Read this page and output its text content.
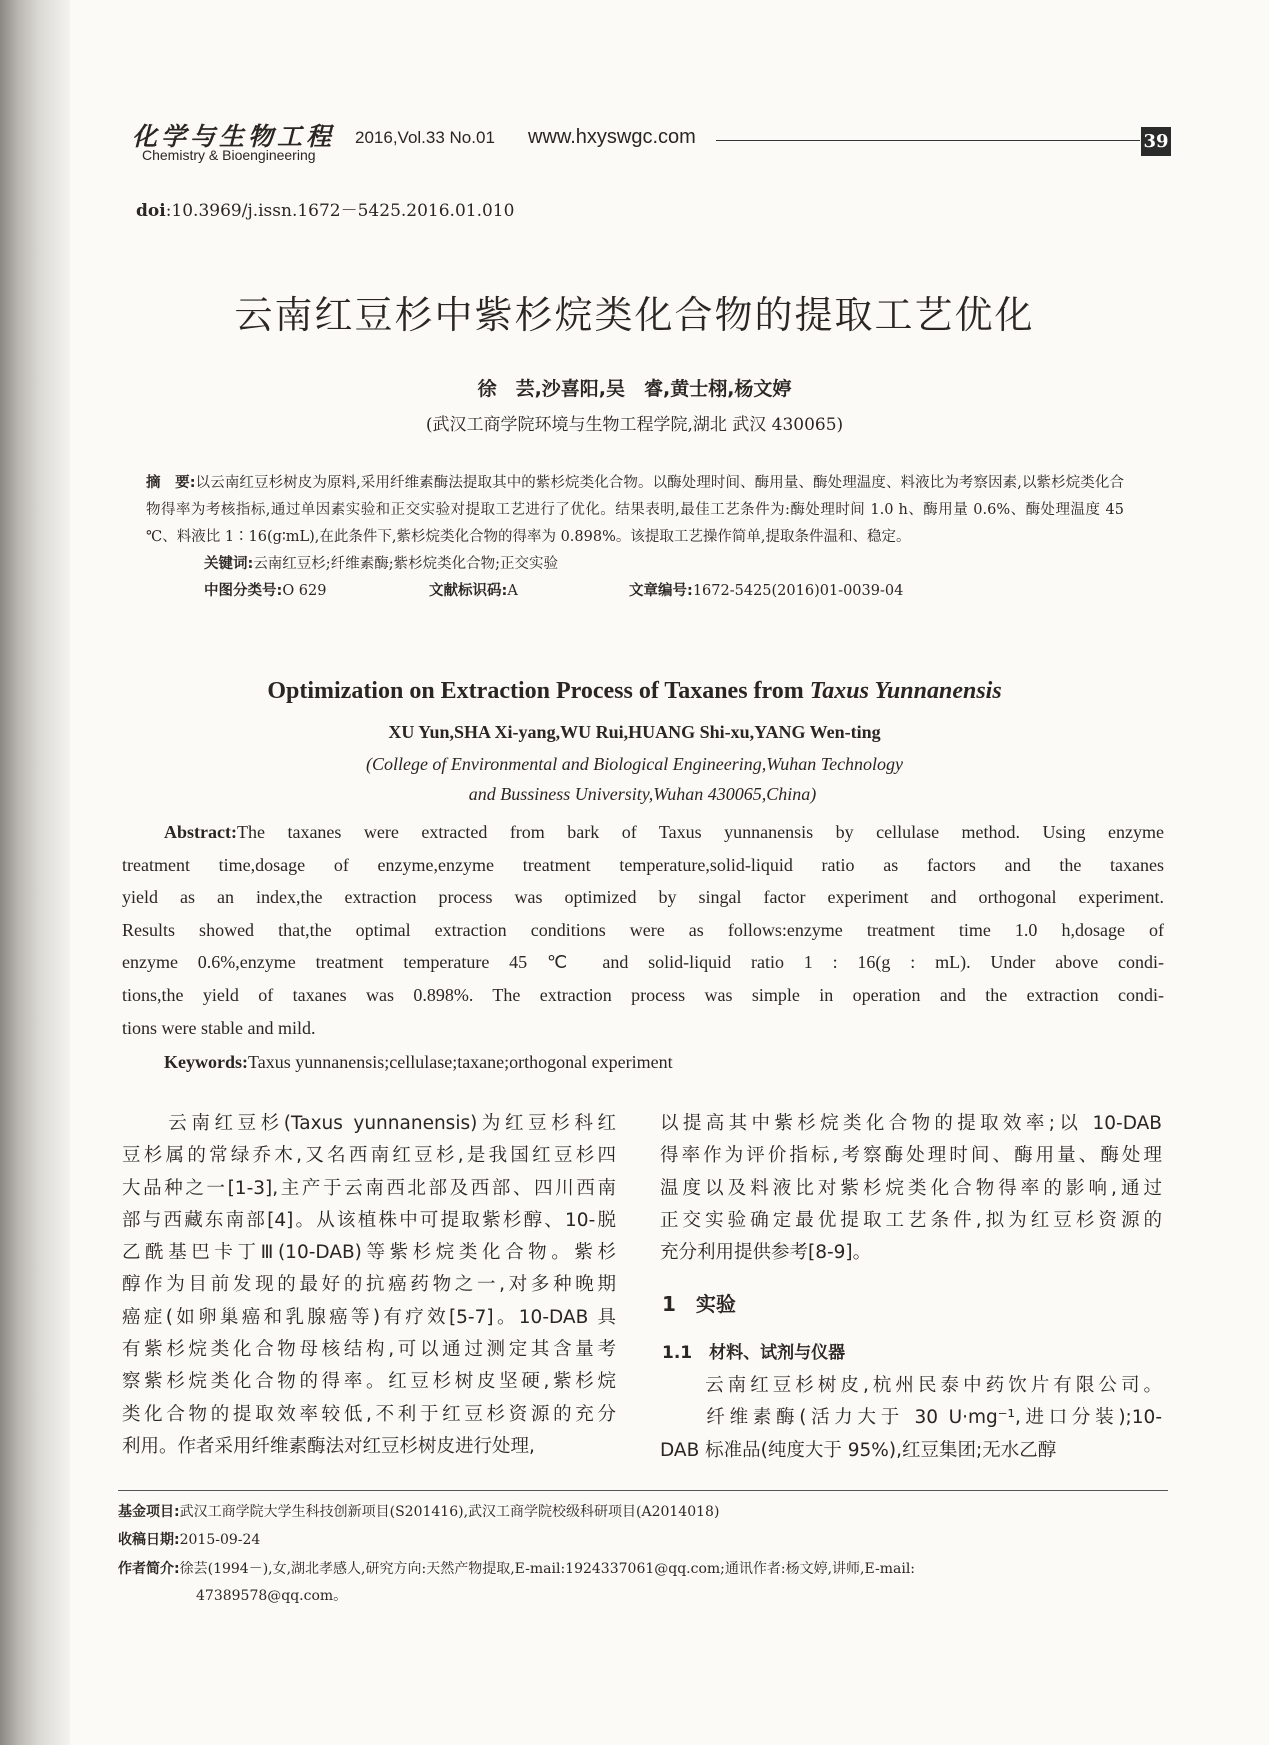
化学与生物工程
Chemistry & Bioengineering
2016,Vol.33 No.01 www.hxyswgc.com	39
doi:10.3969/j.issn.1672－5425.2016.01.010
云南红豆杉中紫杉烷类化合物的提取工艺优化
徐　芸,沙喜阳,吴　睿,黄士栩,杨文婷
(武汉工商学院环境与生物工程学院,湖北 武汉 430065)
摘　要:以云南红豆杉树皮为原料,采用纤维素酶法提取其中的紫杉烷类化合物。以酶处理时间、酶用量、酶处理温度、料液比为考察因素,以紫杉烷类化合物得率为考核指标,通过单因素实验和正交实验对提取工艺进行了优化。结果表明,最佳工艺条件为:酶处理时间 1.0 h、酶用量 0.6%、酶处理温度 45 ℃、料液比 1∶16(g∶mL),在此条件下,紫杉烷类化合物的得率为 0.898%。该提取工艺操作简单,提取条件温和、稳定。
关键词:云南红豆杉;纤维素酶;紫杉烷类化合物;正交实验
中图分类号:O 629	文献标识码:A	文章编号:1672-5425(2016)01-0039-04
Optimization on Extraction Process of Taxanes from Taxus Yunnanensis
XU Yun,SHA Xi-yang,WU Rui,HUANG Shi-xu,YANG Wen-ting
(College of Environmental and Biological Engineering,Wuhan Technology
and Bussiness University,Wuhan 430065,China)
Abstract:The taxanes were extracted from bark of Taxus yunnanensis by cellulase method. Using enzyme
treatment time,dosage of enzyme,enzyme treatment temperature,solid-liquid ratio as factors and the taxanes
yield as an index,the extraction process was optimized by singal factor experiment and orthogonal experiment.
Results showed that,the optimal extraction conditions were as follows:enzyme treatment time 1.0 h,dosage of
enzyme 0.6%,enzyme treatment temperature 45 ℃ and solid-liquid ratio 1 : 16(g : mL). Under above condi-
tions,the yield of taxanes was 0.898%. The extraction process was simple in operation and the extraction condi-
tions were stable and mild.
Keywords:Taxus yunnanensis;cellulase;taxane;orthogonal experiment
　　云南红豆杉(Taxus yunnanensis)为红豆杉科红
豆杉属的常绿乔木,又名西南红豆杉,是我国红豆杉四
大品种之一[1-3],主产于云南西北部及西部、四川西南
部与西藏东南部[4]。从该植株中可提取紫杉醇、10-脱
乙酰基巴卡丁Ⅲ(10-DAB)等紫杉烷类化合物。紫杉
醇作为目前发现的最好的抗癌药物之一,对多种晚期
癌症(如卵巢癌和乳腺癌等)有疗效[5-7]。10-DAB 具
有紫杉烷类化合物母核结构,可以通过测定其含量考
察紫杉烷类化合物的得率。红豆杉树皮坚硬,紫杉烷
类化合物的提取效率较低,不利于红豆杉资源的充分
利用。作者采用纤维素酶法对红豆杉树皮进行处理,
以提高其中紫杉烷类化合物的提取效率;以 10-DAB
得率作为评价指标,考察酶处理时间、酶用量、酶处理
温度以及料液比对紫杉烷类化合物得率的影响,通过
正交实验确定最优提取工艺条件,拟为红豆杉资源的
充分利用提供参考[8-9]。
1　实验
1.1　材料、试剂与仪器
　　云南红豆杉树皮,杭州民泰中药饮片有限公司。
　　纤维素酶(活力大于 30 U·mg⁻¹,进口分装);10-
DAB 标准品(纯度大于 95%),红豆集团;无水乙醇
基金项目:武汉工商学院大学生科技创新项目(S201416),武汉工商学院校级科研项目(A2014018)
收稿日期:2015-09-24
作者简介:徐芸(1994－),女,湖北孝感人,研究方向:天然产物提取,E-mail:1924337061@qq.com;通讯作者:杨文婷,讲师,E-mail:
47389578@qq.com。
